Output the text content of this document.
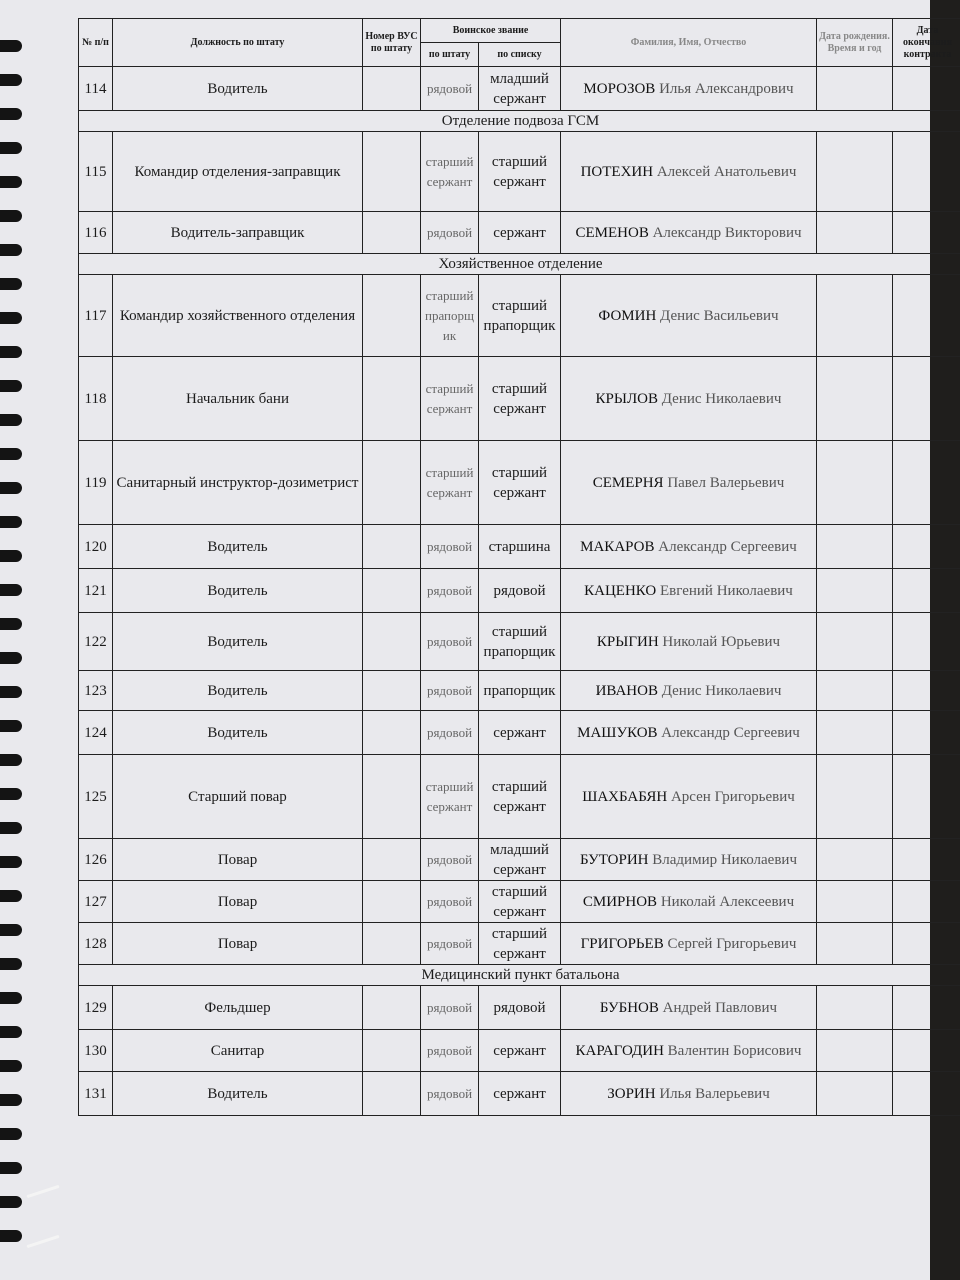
№ п/п	Должность по штату	Номер ВУС по штату	Воинское звание		Фамилия, Имя, Отчество	Дата рождения. Время и год	Дата окончания контракта
			по штату	по списку			
114	Водитель		рядовой	младший сержант	МОРОЗОВ Илья Александрович		
Отделение подвоза ГСМ							
115	Командир отделения-заправщик		старший сержант	старший сержант	ПОТЕХИН Алексей Анатольевич		
116	Водитель-заправщик		рядовой	сержант	СЕМЕНОВ Александр Викторович		
Хозяйственное отделение							
117	Командир хозяйственного отделения		старший прапорщик	старший прапорщик	ФОМИН Денис Васильевич		
118	Начальник бани		старший сержант	старший сержант	КРЫЛОВ Денис Николаевич		
119	Санитарный инструктор-дозиметрист		старший сержант	старший сержант	СЕМЕРНЯ Павел Валерьевич		
120	Водитель		рядовой	старшина	МАКАРОВ Александр Сергеевич		
121	Водитель		рядовой	рядовой	КАЦЕНКО Евгений Николаевич		
122	Водитель		рядовой	старший прапорщик	КРЫГИН Николай Юрьевич		
123	Водитель		рядовой	прапорщик	ИВАНОВ Денис Николаевич		
124	Водитель		рядовой	сержант	МАШУКОВ Александр Сергеевич		
125	Старший повар		старший сержант	старший сержант	ШАХБАБЯН Арсен Григорьевич		
126	Повар		рядовой	младший сержант	БУТОРИН Владимир Николаевич		
127	Повар		рядовой	старший сержант	СМИРНОВ Николай Алексеевич		
128	Повар		рядовой	старший сержант	ГРИГОРЬЕВ Сергей Григорьевич		
Медицинский пункт батальона							
129	Фельдшер		рядовой	рядовой	БУБНОВ Андрей Павлович		
130	Санитар		рядовой	сержант	КАРАГОДИН Валентин Борисович		
131	Водитель		рядовой	сержант	ЗОРИН Илья Валерьевич		
